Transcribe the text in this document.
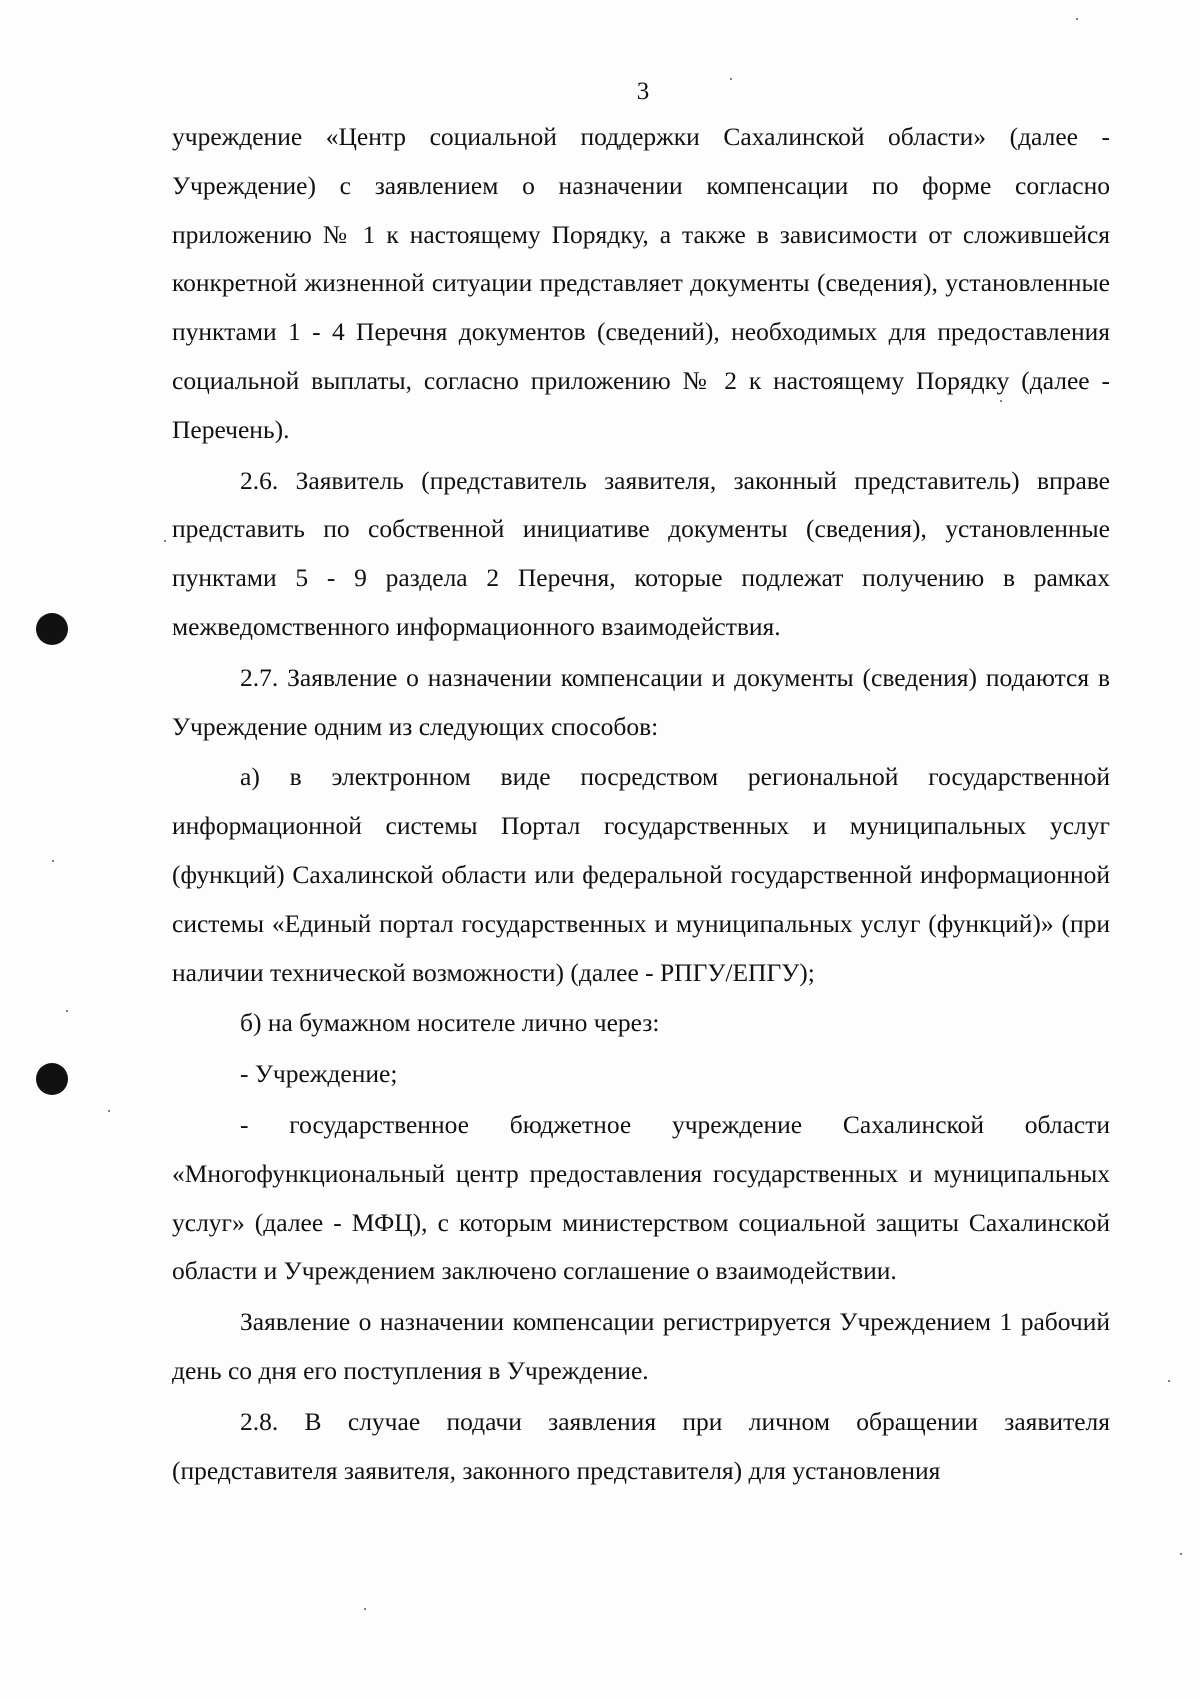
3

учреждение «Центр социальной поддержки Сахалинской области» (далее - Учреждение) с заявлением о назначении компенсации по форме согласно приложению № 1 к настоящему Порядку, а также в зависимости от сложившейся конкретной жизненной ситуации представляет документы (сведения), установленные пунктами 1 - 4 Перечня документов (сведений), необходимых для предоставления социальной выплаты, согласно приложению № 2 к настоящему Порядку (далее - Перечень).

2.6. Заявитель (представитель заявителя, законный представитель) вправе представить по собственной инициативе документы (сведения), установленные пунктами 5 - 9 раздела 2 Перечня, которые подлежат получению в рамках межведомственного информационного взаимодействия.

2.7. Заявление о назначении компенсации и документы (сведения) подаются в Учреждение одним из следующих способов:

а) в электронном виде посредством региональной государственной информационной системы Портал государственных и муниципальных услуг (функций) Сахалинской области или федеральной государственной информационной системы «Единый портал государственных и муниципальных услуг (функций)» (при наличии технической возможности) (далее - РПГУ/ЕПГУ);

б) на бумажном носителе лично через:

- Учреждение;

- государственное бюджетное учреждение Сахалинской области «Многофункциональный центр предоставления государственных и муниципальных услуг» (далее - МФЦ), с которым министерством социальной защиты Сахалинской области и Учреждением заключено соглашение о взаимодействии.

Заявление о назначении компенсации регистрируется Учреждением 1 рабочий день со дня его поступления в Учреждение.

2.8. В случае подачи заявления при личном обращении заявителя (представителя заявителя, законного представителя) для установления
